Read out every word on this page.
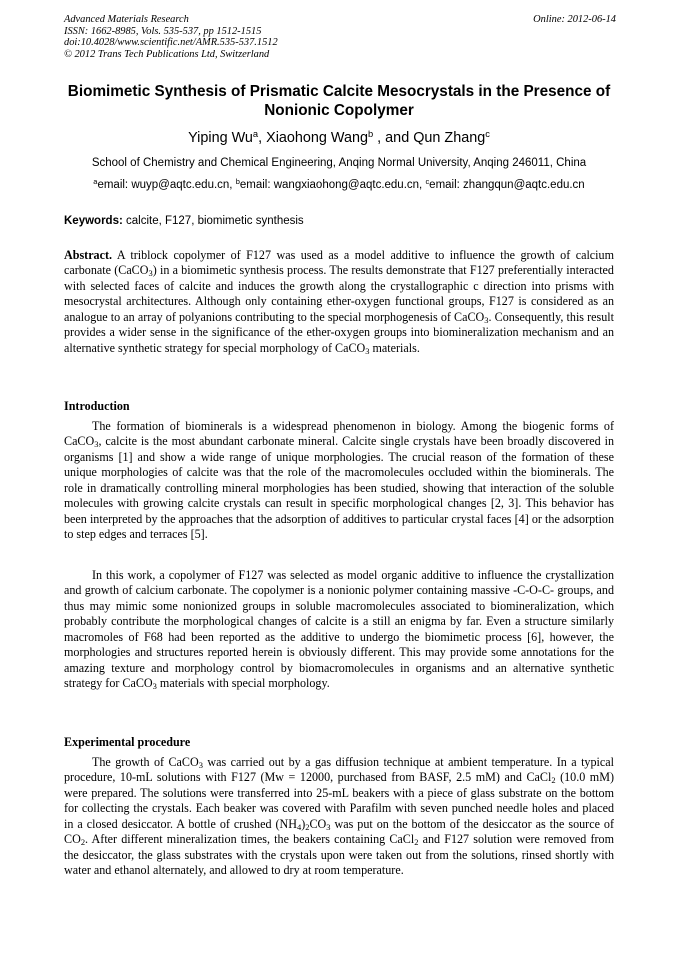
Advanced Materials Research
ISSN: 1662-8985, Vols. 535-537, pp 1512-1515
doi:10.4028/www.scientific.net/AMR.535-537.1512
© 2012 Trans Tech Publications Ltd, Switzerland
Online: 2012-06-14
Biomimetic Synthesis of Prismatic Calcite Mesocrystals in the Presence of Nonionic Copolymer
Yiping Wu$^a$, Xiaohong Wang$^b$ , and Qun Zhang$^c$
School of Chemistry and Chemical Engineering, Anqing Normal University, Anqing 246011, China
$^a$email: wuyp@aqtc.edu.cn, $^b$email: wangxiaohong@aqtc.edu.cn, $^c$email: zhangqun@aqtc.edu.cn
Keywords: calcite, F127, biomimetic synthesis

Abstract. A triblock copolymer of F127 was used as a model additive to influence the growth of calcium carbonate (CaCO$_3$) in a biomimetic synthesis process. The results demonstrate that F127 preferentially interacted with selected faces of calcite and induces the growth along the crystallographic c direction into prisms with mesocrystal architectures. Although only containing ether-oxygen functional groups, F127 is considered as an analogue to an array of polyanions contributing to the special morphogenesis of CaCO$_3$. Consequently, this result provides a wider sense in the significance of the ether-oxygen groups into biomineralization mechanism and an alternative synthetic strategy for special morphology of CaCO$_3$ materials.

Introduction

The formation of biominerals is a widespread phenomenon in biology. Among the biogenic forms of CaCO$_3$, calcite is the most abundant carbonate mineral. Calcite single crystals have been broadly discovered in organisms [1] and show a wide range of unique morphologies. The crucial reason of the formation of these unique morphologies of calcite was that the role of the macromolecules occluded within the biominerals. The role in dramatically controlling mineral morphologies has been studied, showing that interaction of the soluble molecules with growing calcite crystals can result in specific morphological changes [2, 3]. This behavior has been interpreted by the approaches that the adsorption of additives to particular crystal faces [4] or the adsorption to step edges and terraces [5].

In this work, a copolymer of F127 was selected as model organic additive to influence the crystallization and growth of calcium carbonate. The copolymer is a nonionic polymer containing massive -C-O-C- groups, and thus may mimic some nonionized groups in soluble macromolecules associated to biomineralization, which probably contribute the morphological changes of calcite is a still an enigma by far. Even a structure similarly macromoles of F68 had been reported as the additive to undergo the biomimetic process [6], however, the morphologies and structures reported herein is obviously different. This may provide some annotations for the amazing texture and morphology control by biomacromolecules in organisms and an alternative synthetic strategy for CaCO$_3$ materials with special morphology.

Experimental procedure

The growth of CaCO$_3$ was carried out by a gas diffusion technique at ambient temperature. In a typical procedure, 10-mL solutions with F127 (Mw = 12000, purchased from BASF, 2.5 mM) and CaCl$_2$ (10.0 mM) were prepared. The solutions were transferred into 25-mL beakers with a piece of glass substrate on the bottom for collecting the crystals. Each beaker was covered with Parafilm with seven punched needle holes and placed in a closed desiccator. A bottle of crushed $(NH_4)_2CO_3$ was put on the bottom of the desiccator as the source of $CO_2$. After different mineralization times, the beakers containing CaCl$_2$ and F127 solution were removed from the desiccator, the glass substrates with the crystals upon were taken out from the solutions, rinsed shortly with water and ethanol alternately, and allowed to dry at room temperature.
